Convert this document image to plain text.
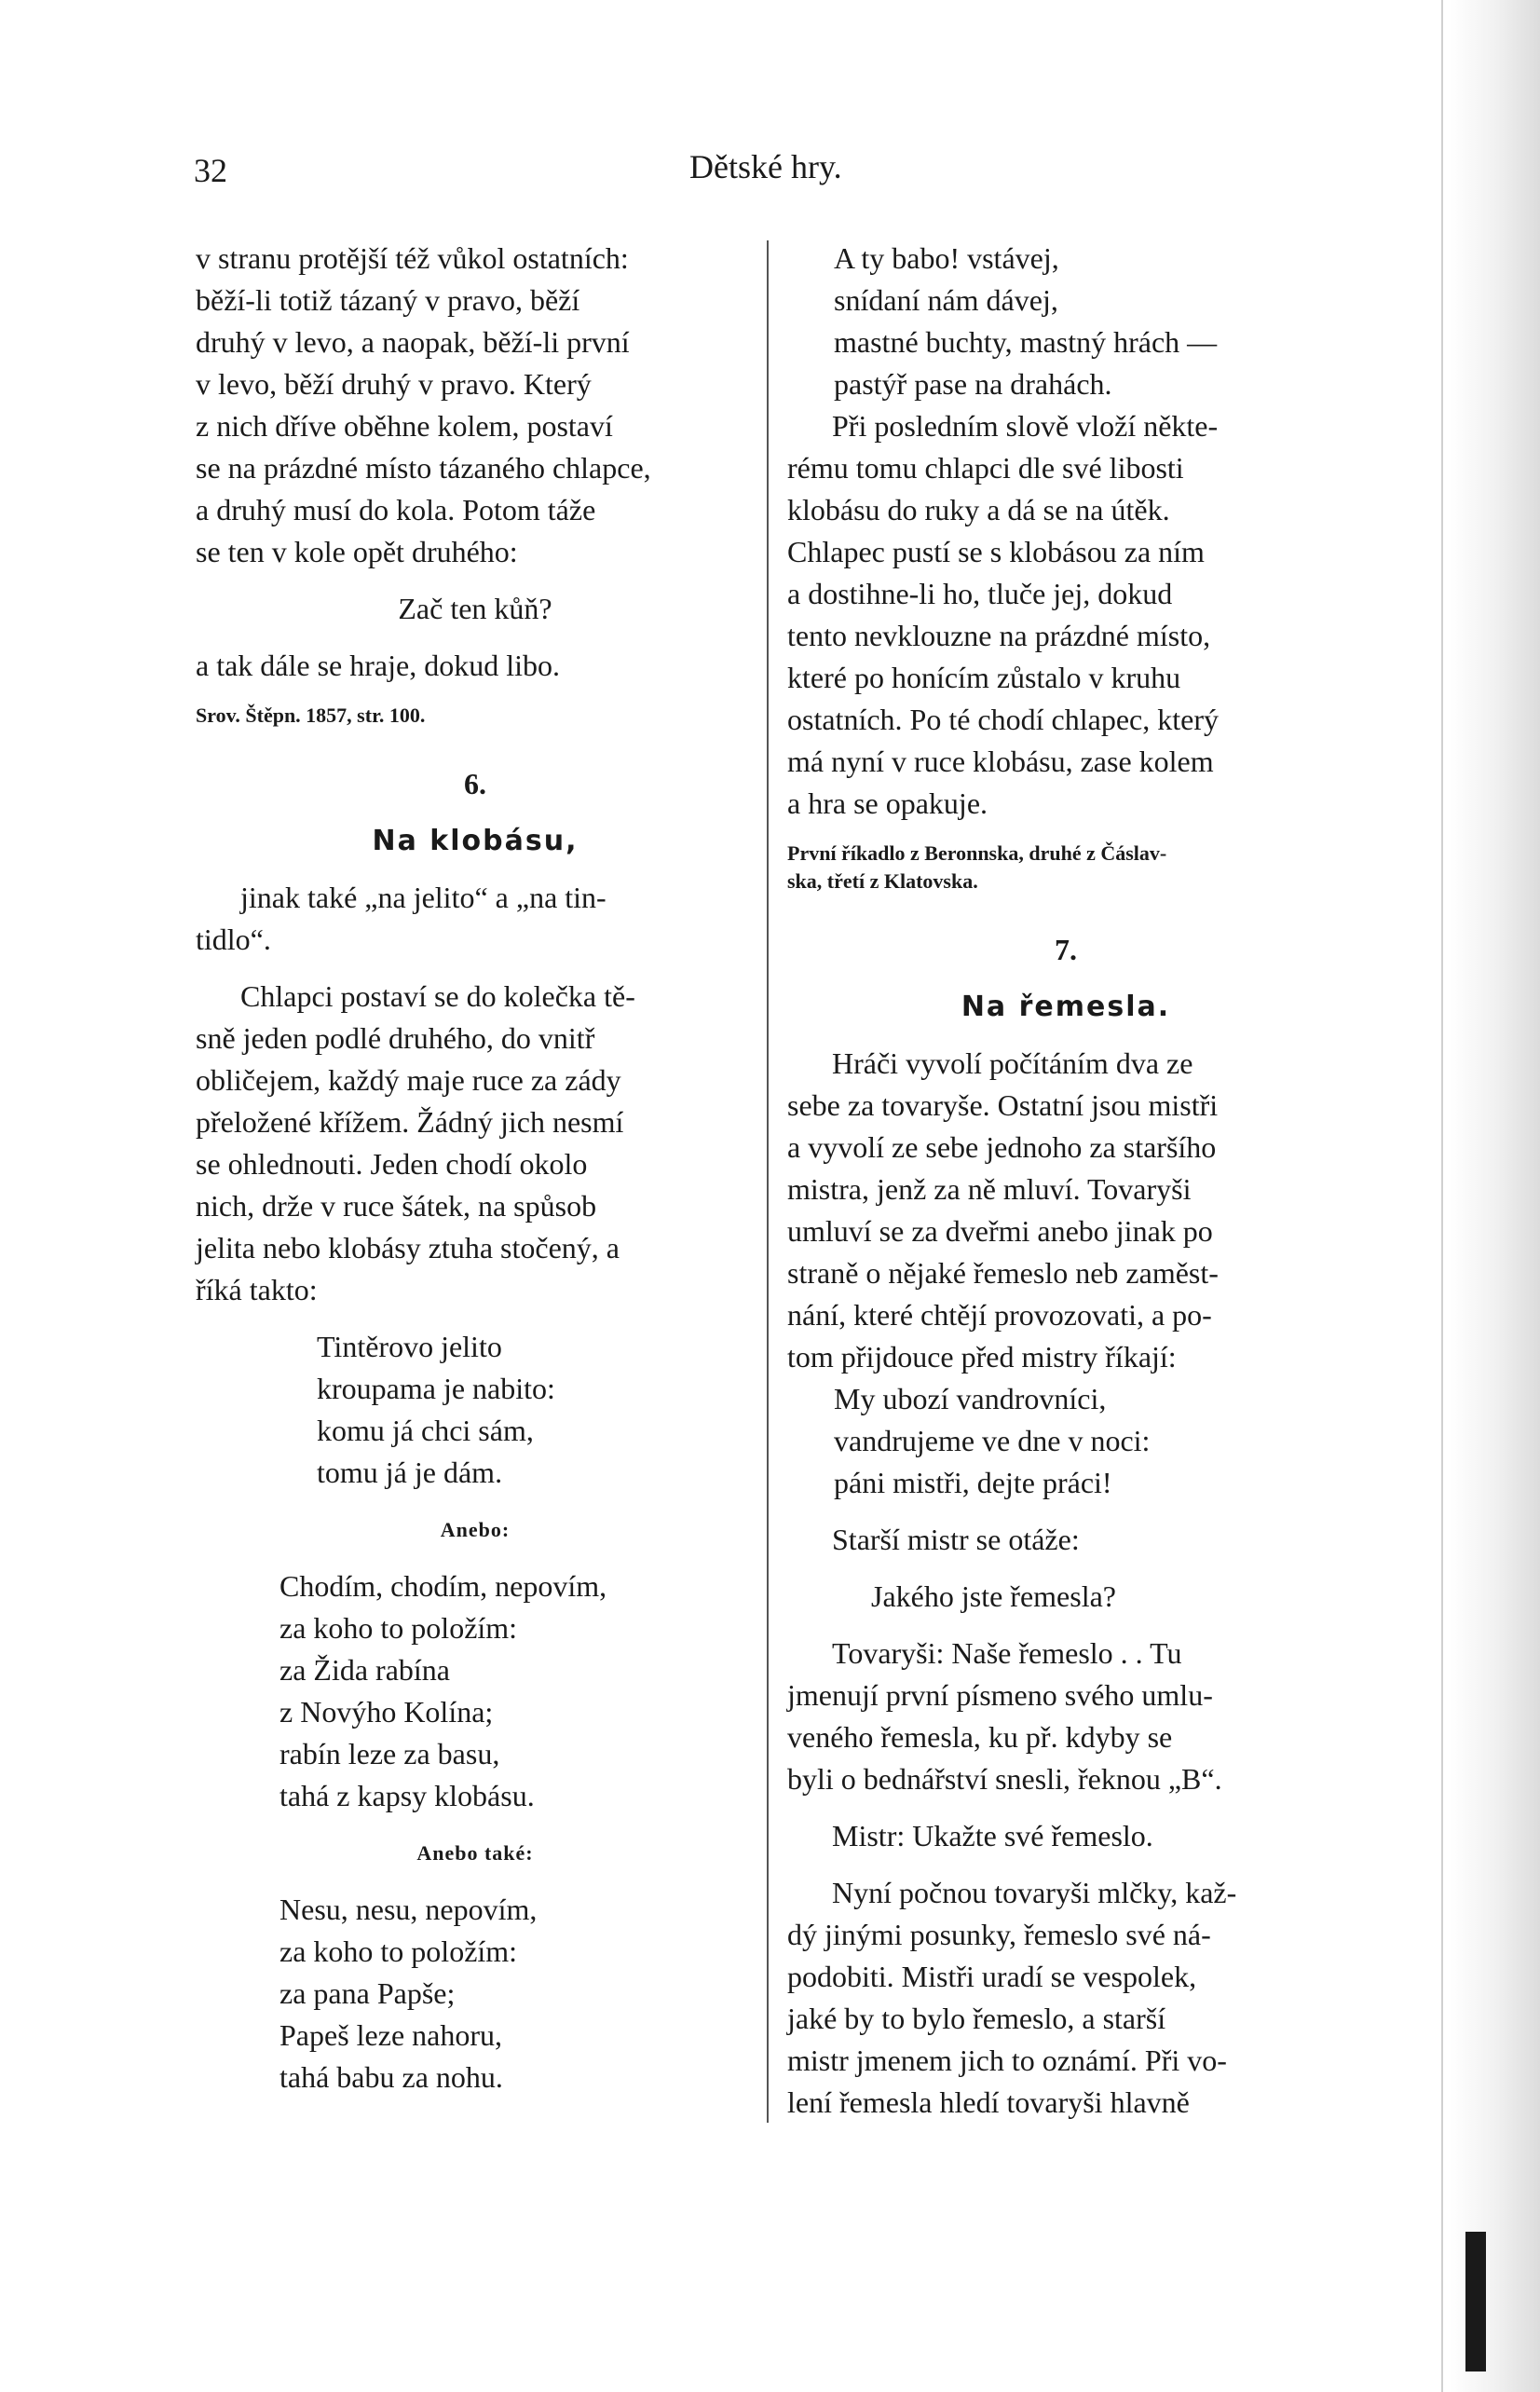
32	Dětské hry.

v stranu protější též vůkol ostatních:

běží-li totiž tázaný v pravo, běží

druhý v levo, a naopak, běží-li první

v levo, běží druhý v pravo. Který

z nich dříve oběhne kolem, postaví

se na prázdné místo tázaného chlapce,

a druhý musí do kola. Potom táže

se ten v kole opět druhého:

Zač ten kůň?

a tak dále se hraje, dokud libo.

Srov. Štěpn. 1857, str. 100.

6.

Na klobásu,

jinak také „na jelito“ a „na tin-

tidlo“.

Chlapci postaví se do kolečka tě-

sně jeden podlé druhého, do vnitř

obličejem, každý maje ruce za zády

přeložené křížem. Žádný jich nesmí

se ohlednouti. Jeden chodí okolo

nich, drže v ruce šátek, na spůsob

jelita nebo klobásy ztuha stočený, a

říká takto:

Tintěrovo jelito

kroupama je nabito:

komu já chci sám,

tomu já je dám.

Anebo:

Chodím, chodím, nepovím,

za koho to položím:

za Žida rabína

z Novýho Kolína;

rabín leze za basu,

tahá z kapsy klobásu.

Anebo také:

Nesu, nesu, nepovím,

za koho to položím:

za pana Papše;

Papeš leze nahoru,

tahá babu za nohu.

A ty babo! vstávej,

snídaní nám dávej,

mastné buchty, mastný hrách —

pastýř pase na drahách.

Při posledním slově vloží někte-

rému tomu chlapci dle své libosti

klobásu do ruky a dá se na útěk.

Chlapec pustí se s klobásou za ním

a dostihne-li ho, tluče jej, dokud

tento nevklouzne na prázdné místo,

které po honícím zůstalo v kruhu

ostatních. Po té chodí chlapec, který

má nyní v ruce klobásu, zase kolem

a hra se opakuje.

První říkadlo z Beronnska, druhé z Čáslav-

ska, třetí z Klatovska.

7.

Na řemesla.

Hráči vyvolí počítáním dva ze

sebe za tovaryše. Ostatní jsou mistři

a vyvolí ze sebe jednoho za staršího

mistra, jenž za ně mluví. Tovaryši

umluví se za dveřmi anebo jinak po

straně o nějaké řemeslo neb zaměst-

nání, které chtějí provozovati, a po-

tom přijdouce před mistry říkají:

My ubozí vandrovníci,

vandrujeme ve dne v noci:

páni mistři, dejte práci!

Starší mistr se otáže:

Jakého jste řemesla?

Tovaryši: Naše řemeslo . . Tu

jmenují první písmeno svého umlu-

veného řemesla, ku př. kdyby se

byli o bednářství snesli, řeknou „B“.

Mistr: Ukažte své řemeslo.

Nyní počnou tovaryši mlčky, kaž-

dý jinými posunky, řemeslo své ná-

podobiti. Mistři uradí se vespolek,

jaké by to bylo řemeslo, a starší

mistr jmenem jich to oznámí. Při vo-

lení řemesla hledí tovaryši hlavně
